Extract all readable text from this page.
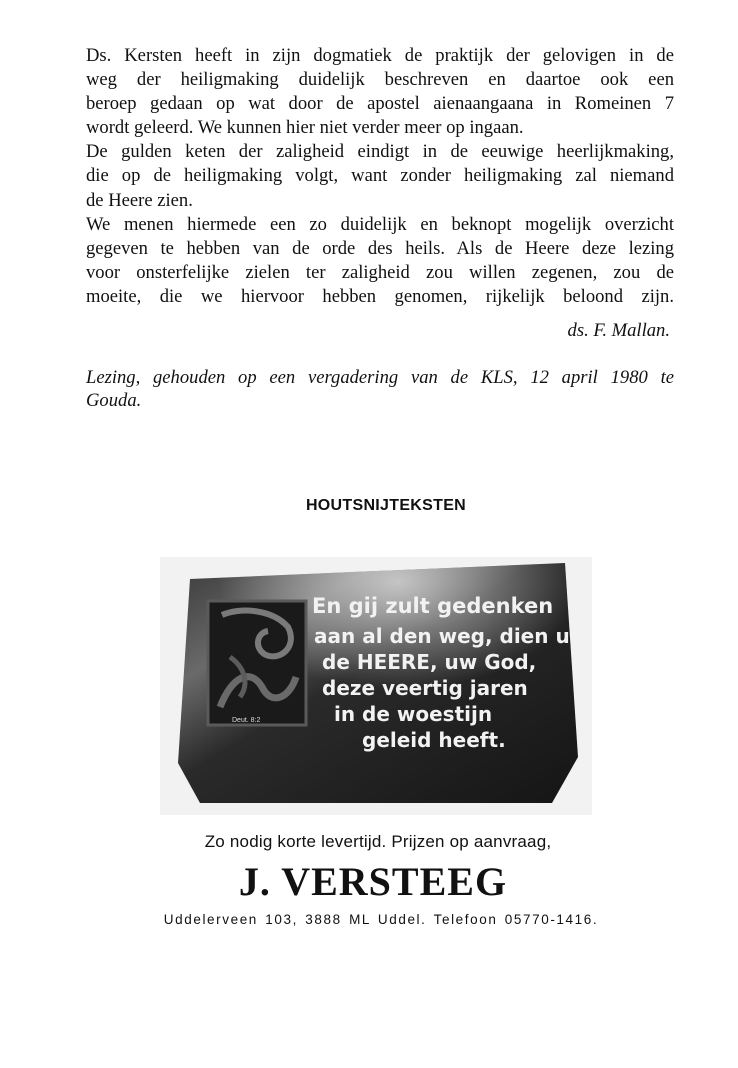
Ds. Kersten heeft in zijn dogmatiek de praktijk der gelovigen in de

weg der heiligmaking duidelijk beschreven en daartoe ook een

beroep gedaan op wat door de apostel aienaangaana in Romeinen 7

wordt geleerd. We kunnen hier niet verder meer op ingaan.

De gulden keten der zaligheid eindigt in de eeuwige heerlijkmaking,

die op de heiligmaking volgt, want zonder heiligmaking zal niemand

de Heere zien.

We menen hiermede een zo duidelijk en beknopt mogelijk overzicht

gegeven te hebben van de orde des heils. Als de Heere deze lezing

voor onsterfelijke zielen ter zaligheid zou willen zegenen, zou de

moeite, die we hiervoor hebben genomen, rijkelijk beloond zijn.

ds. F. Mallan.
Lezing, gehouden op een vergadering van de KLS, 12 april 1980 te
Gouda.
HOUTSNIJTEKSTEN
Deut. 8:2
En gij zult gedenken
aan al den weg, dien u
de HEERE, uw God,
deze veertig jaren
in de woestijn
geleid heeft.
Zo nodig korte levertijd. Prijzen op aanvraag,
J. VERSTEEG
Uddelerveen 103, 3888 ML Uddel. Telefoon 05770-1416.
